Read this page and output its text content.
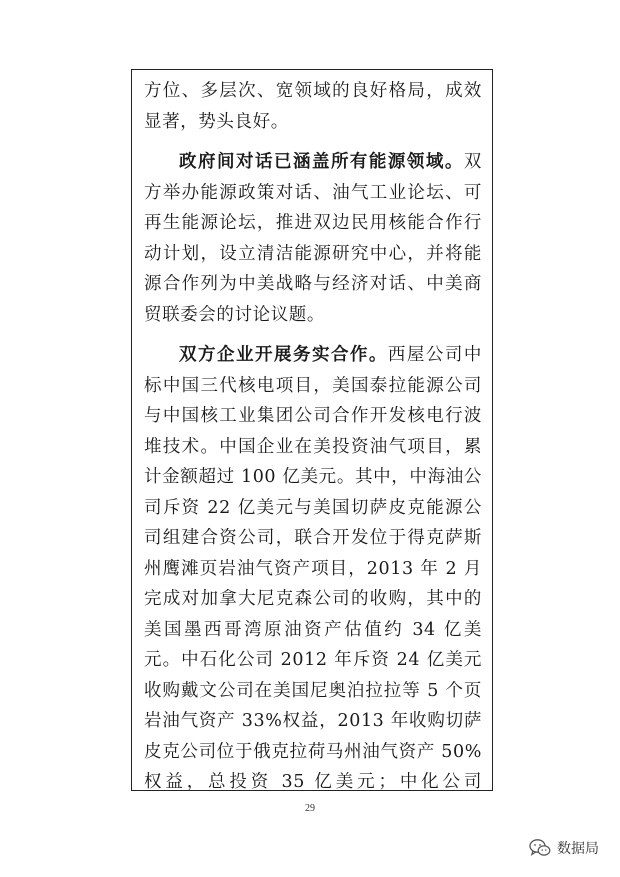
方位、多层次、宽领域的良好格局，成效显著，势头良好。

政府间对话已涵盖所有能源领域。双方举办能源政策对话、油气工业论坛、可再生能源论坛，推进双边民用核能合作行动计划，设立清洁能源研究中心，并将能源合作列为中美战略与经济对话、中美商贸联委会的讨论议题。

双方企业开展务实合作。西屋公司中标中国三代核电项目，美国泰拉能源公司与中国核工业集团公司合作开发核电行波堆技术。中国企业在美投资油气项目，累计金额超过 100 亿美元。其中，中海油公司斥资 22 亿美元与美国切萨皮克能源公司组建合资公司，联合开发位于得克萨斯州鹰滩页岩油气资产项目，2013 年 2 月完成对加拿大尼克森公司的收购，其中的美国墨西哥湾原油资产估值约 34 亿美元。中石化公司 2012 年斥资 24 亿美元收购戴文公司在美国尼奥泊拉拉等 5 个页岩油气资产 33%权益，2013 年收购切萨皮克公司位于俄克拉荷马州油气资产 50%权益，总投资 35 亿美元；中化公司

29
数据局
